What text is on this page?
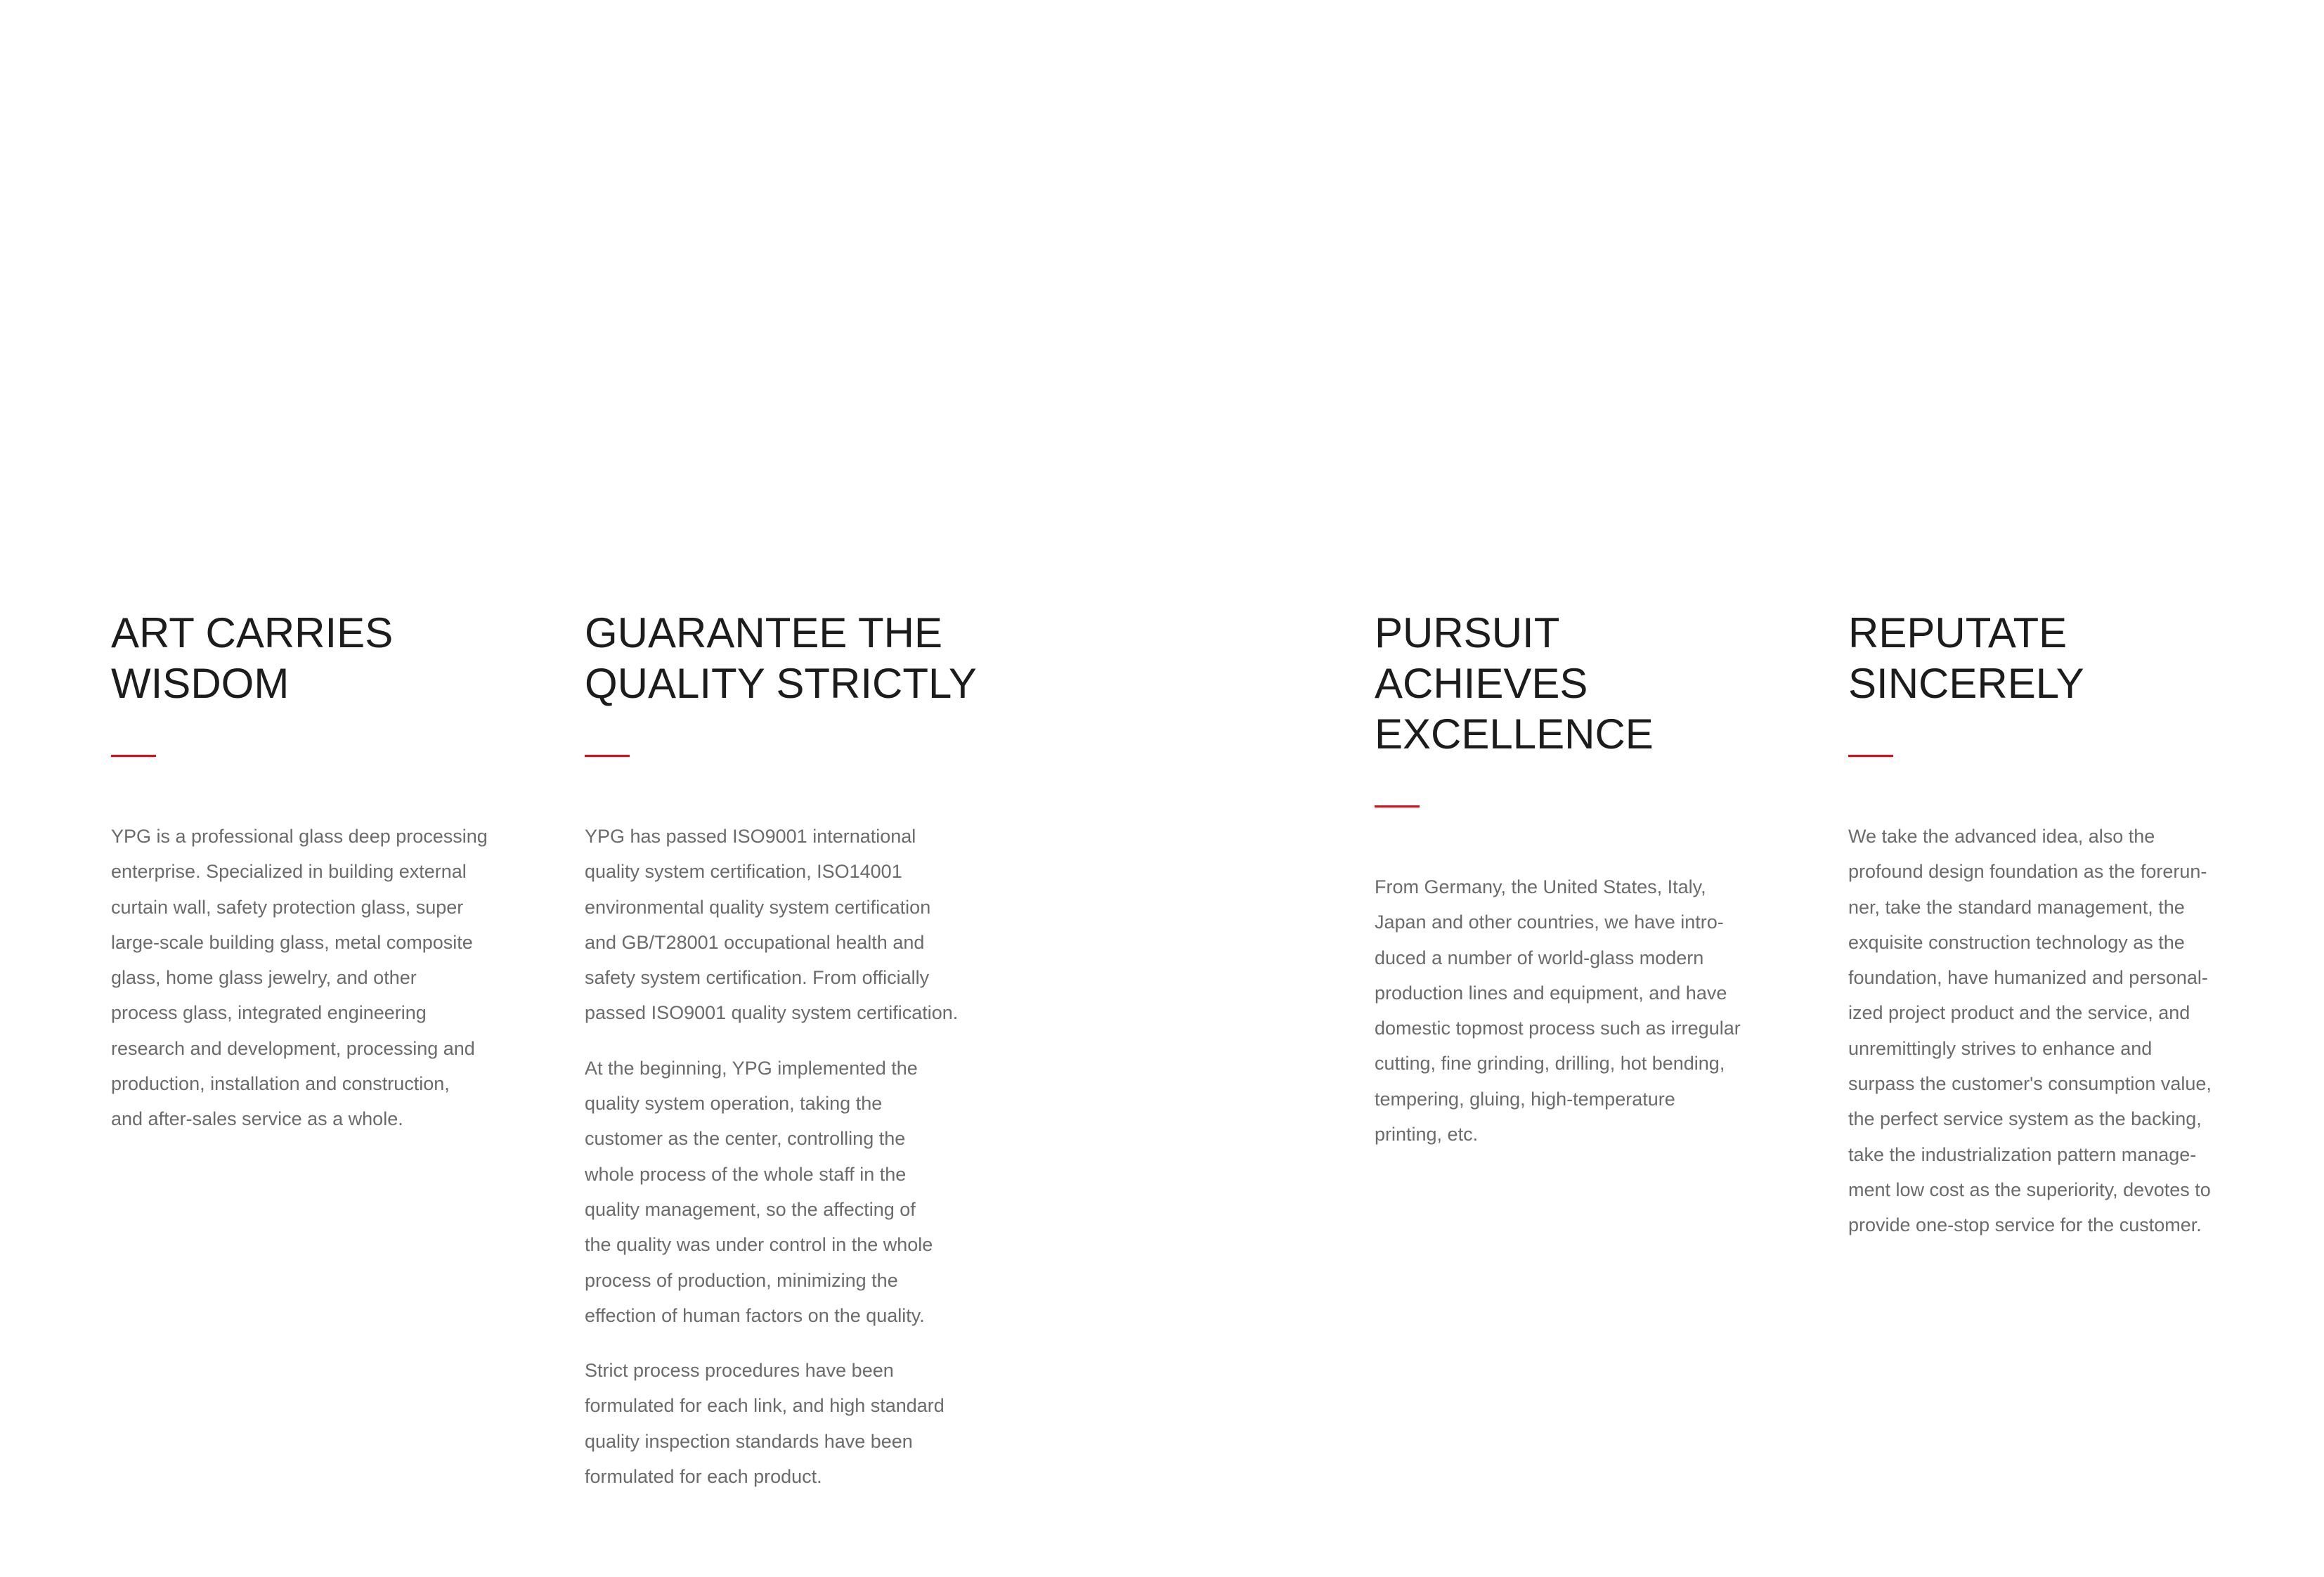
ART CARRIES
WISDOM

YPG is a professional glass deep processing
enterprise. Specialized in building external
curtain wall, safety protection glass, super
large-scale building glass, metal composite
glass, home glass jewelry, and other
process glass, integrated engineering
research and development, processing and
production, installation and construction,
and after-sales service as a whole.

GUARANTEE THE
QUALITY STRICTLY

YPG has passed ISO9001 international
quality system certification, ISO14001
environmental quality system certification
and GB/T28001 occupational health and
safety system certification. From officially
passed ISO9001 quality system certification.

At the beginning, YPG implemented the
quality system operation, taking the
customer as the center, controlling the
whole process of the whole staff in the
quality management, so the affecting of
the quality was under control in the whole
process of production, minimizing the
effection of human factors on the quality.

Strict process procedures have been
formulated for each link, and high standard
quality inspection standards have been
formulated for each product.

PURSUIT ACHIEVES
EXCELLENCE

From Germany, the United States, Italy,
Japan and other countries, we have intro-
duced a number of world-glass modern
production lines and equipment, and have
domestic topmost process such as irregular
cutting, fine grinding, drilling, hot bending,
tempering, gluing, high-temperature
printing, etc.

REPUTATE
SINCERELY

We take the advanced idea, also the
profound design foundation as the forerun-
ner, take the standard management, the
exquisite construction technology as the
foundation, have humanized and personal-
ized project product and the service, and
unremittingly strives to enhance and
surpass the customer's consumption value,
the perfect service system as the backing,
take the industrialization pattern manage-
ment low cost as the superiority, devotes to
provide one-stop service for the customer.
